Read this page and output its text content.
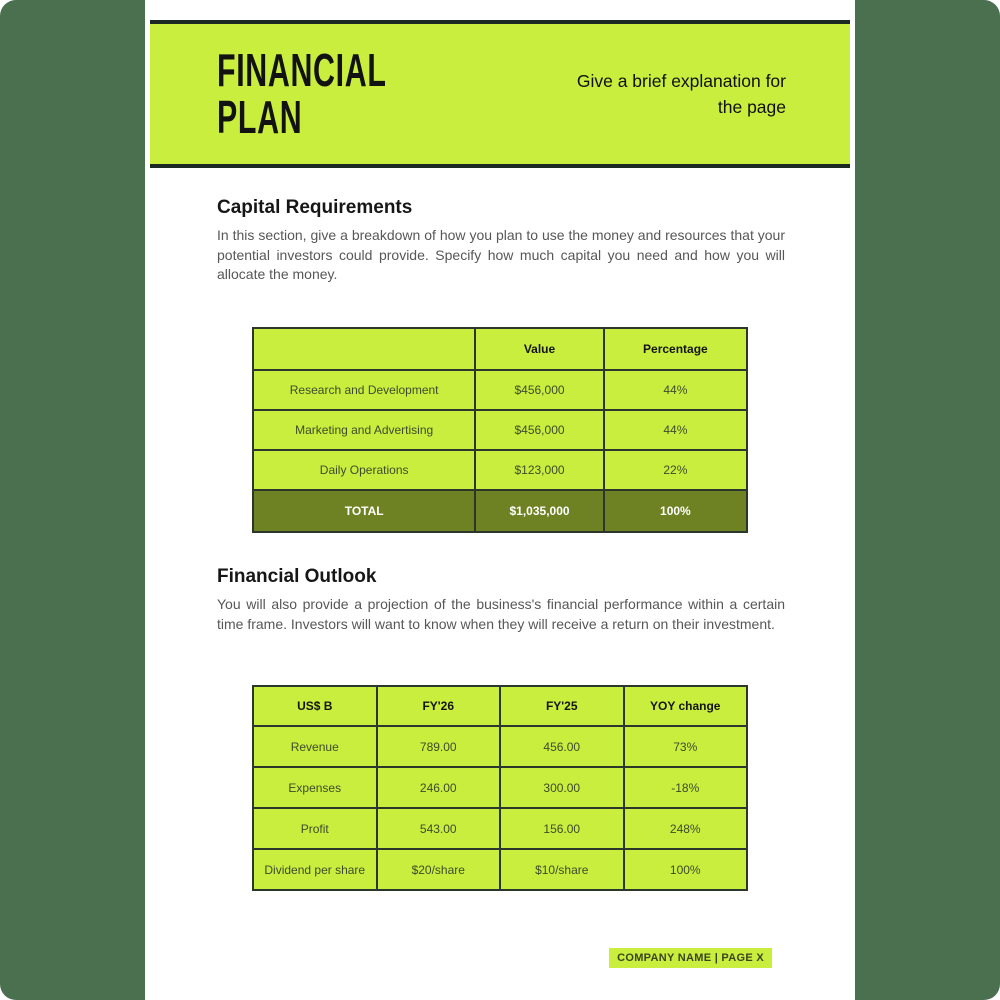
FINANCIAL
PLAN
Give a brief explanation for the page
Capital Requirements

In this section, give a breakdown of how you plan to use the money and resources that your potential investors could provide. Specify how much capital you need and how you will allocate the money.

	Value	Percentage
Research and Development	$456,000	44%
Marketing and Advertising	$456,000	44%
Daily Operations	$123,000	22%
TOTAL	$1,035,000	100%
Financial Outlook

You will also provide a projection of the business's financial performance within a certain time frame. Investors will want to know when they will receive a return on their investment.

US$ B	FY'26	FY'25	YOY change
Revenue	789.00	456.00	73%
Expenses	246.00	300.00	-18%
Profit	543.00	156.00	248%
Dividend per share	$20/share	$10/share	100%
COMPANY NAME | PAGE X
